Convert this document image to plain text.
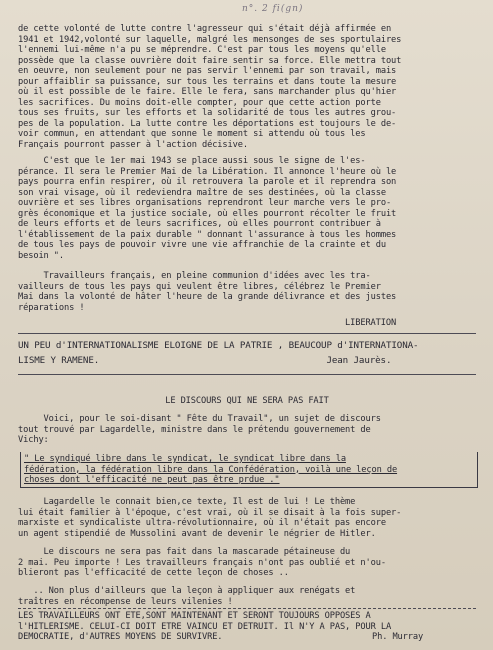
n°. 2 fi(gn)

de cette volonté de lutte contre l'agresseur qui s'était déjà affirmée en
1941 et 1942,volonté sur laquelle, malgré les mensonges de ses sportulaires
l'ennemi lui-même n'a pu se méprendre. C'est par tous les moyens qu'elle
possède que la classe ouvrière doit faire sentir sa force. Elle mettra tout
en oeuvre, non seulement pour ne pas servir l'ennemi par son travail, mais
pour affaiblir sa puissance, sur tous les terrains et dans toute la mesure
où il est possible de le faire. Elle le fera, sans marchander plus qu'hier
les sacrifices. Du moins doit-elle compter, pour que cette action porte
tous ses fruits, sur les efforts et la solidarité de tous les autres grou-
pes de la population. La lutte contre les déportations est toujours le de-
voir commun, en attendant que sonne le moment si attendu où tous les
Français pourront passer à l'action décisive.

C'est que le 1er mai 1943 se place aussi sous le signe de l'es-
pérance. Il sera le Premier Mai de la Libération. Il annonce l'heure où le
pays pourra enfin respirer, où il retrouvera la parole et il reprendra son
son vrai visage, où il redeviendra maître de ses destinées, où la classe
ouvrière et ses libres organisations reprendront leur marche vers le pro-
grès économique et la justice sociale, où elles pourront récolter le fruit
de leurs efforts et de leurs sacrifices, où elles pourront contribuer à
l'établissement de la paix durable " donnant l'assurance à tous les hommes
de tous les pays de pouvoir vivre une vie affranchie de la crainte et du
besoin ".

Travailleurs français, en pleine communion d'idées avec les tra-
vailleurs de tous les pays qui veulent être libres, célébrez le Premier
Mai dans la volonté de hâter l'heure de la grande délivrance et des justes
réparations !

LIBERATION

UN PEU d'INTERNATIONALISME ELOIGNE DE LA PATRIE , BEAUCOUP d'INTERNATIONA-
LISME Y RAMENE.                                          Jean Jaurès.

LE DISCOURS QUI NE SERA PAS FAIT

Voici, pour le soi-disant " Fête du Travail", un sujet de discours
tout trouvé par Lagardelle, ministre dans le prétendu gouvernement de
Vichy:

" Le syndiqué libre dans le syndicat, le syndicat libre dans la
fédération, la fédération libre dans la Confédération, voilà une leçon de
choses dont l'efficacité ne peut pas être prdue ."

Lagardelle le connait bien,ce texte, Il est de lui ! Le thème
lui était familier à l'époque, c'est vrai, où il se disait à la fois super-
marxiste et syndicaliste ultra-révolutionnaire, où il n'était pas encore
un agent stipendié de Mussolini avant de devenir le négrier de Hitler.

Le discours ne sera pas fait dans la mascarade pétaineuse du
2 mai. Peu importe ! Les travailleurs français n'ont pas oublié et n'ou-
blieront pas l'efficacité de cette leçon de choses ..

.. Non plus d'ailleurs que la leçon à appliquer aux renégats et
traîtres en récompense de leurs vilenies !

LES TRAVAILLEURS ONT ETE,SONT MAINTENANT ET SERONT TOUJOURS OPPOSES A
l'HITLERISME. CELUI-CI DOIT ETRE VAINCU ET DETRUIT. Il N'Y A PAS, POUR LA
DEMOCRATIE, d'AUTRES MOYENS DE SURVIVRE.	Ph. Murray
